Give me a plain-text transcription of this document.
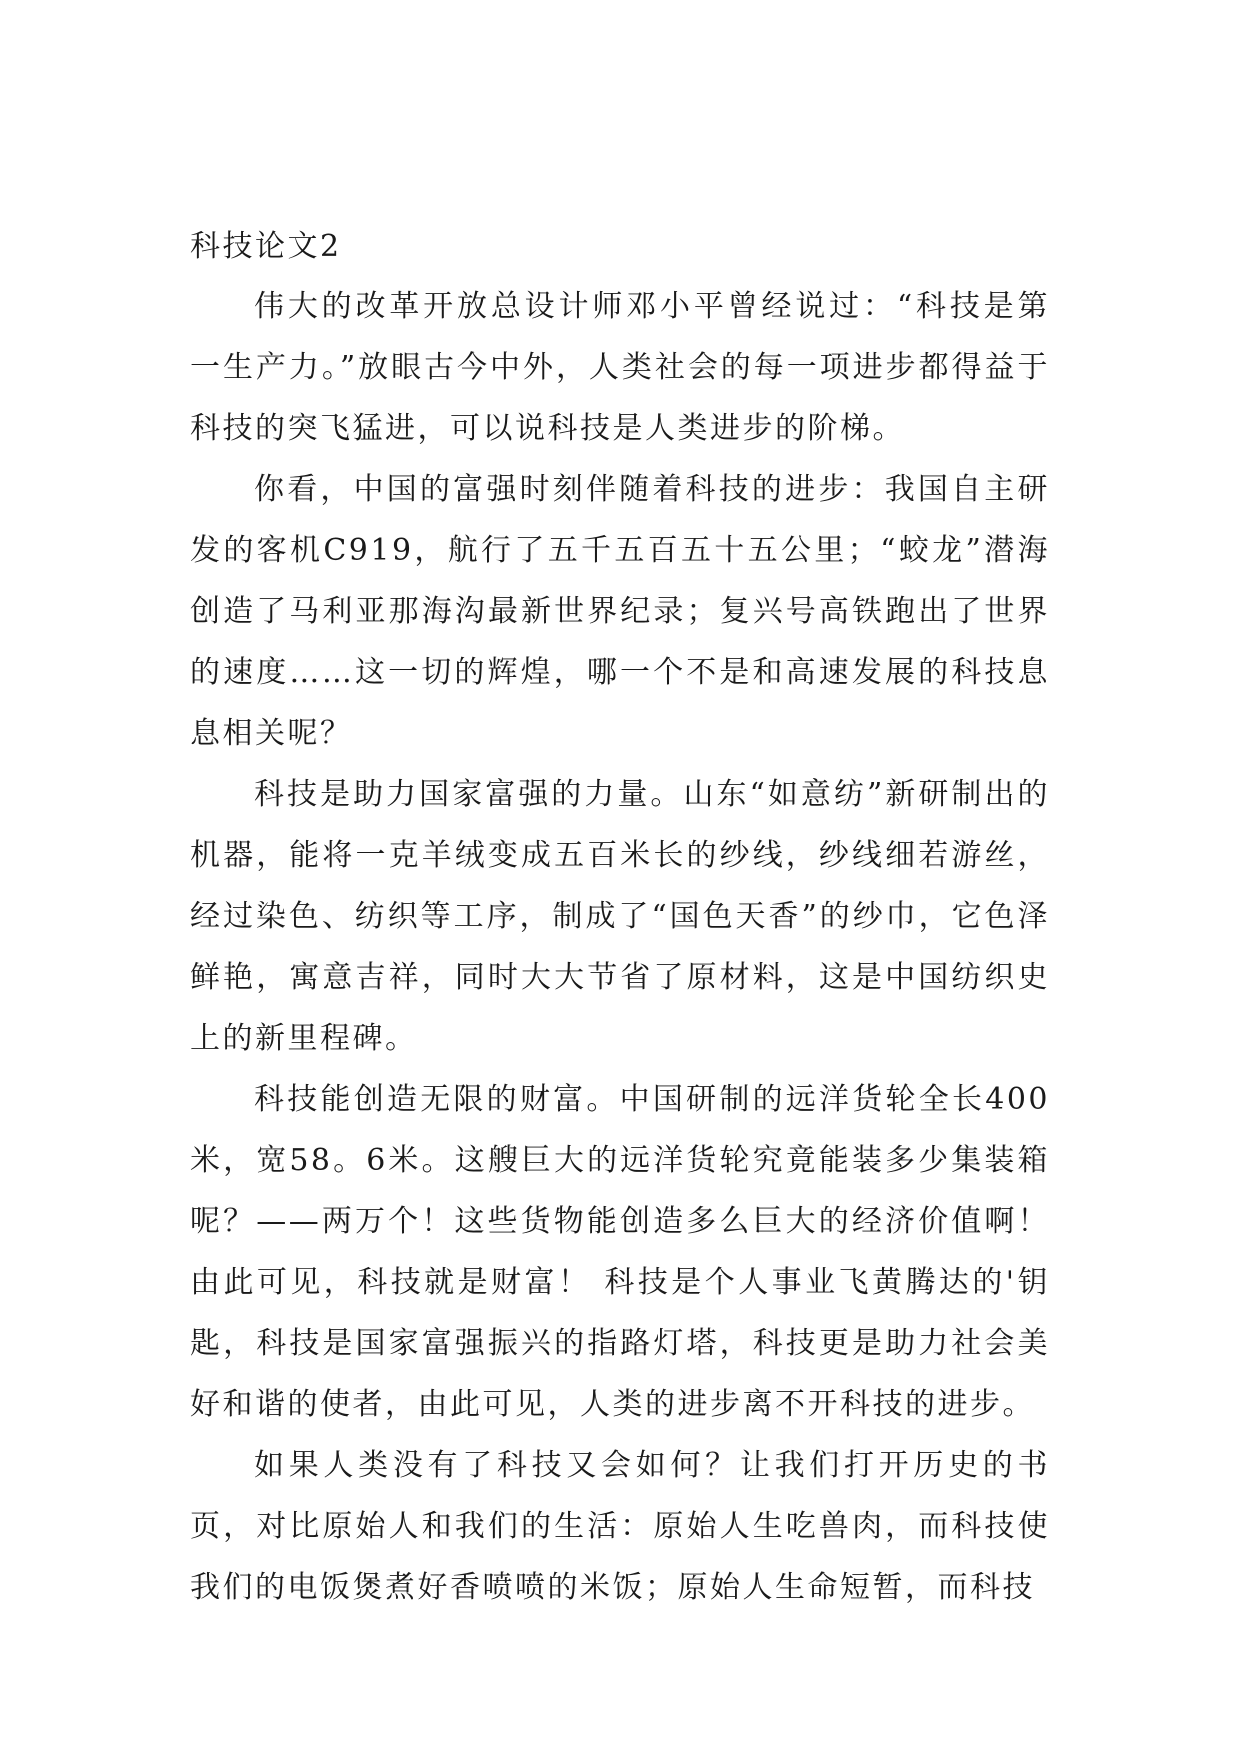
科技论文2

伟大的改革开放总设计师邓小平曾经说过：“科技是第一生产力。”放眼古今中外，人类社会的每一项进步都得益于科技的突飞猛进，可以说科技是人类进步的阶梯。

你看，中国的富强时刻伴随着科技的进步：我国自主研发的客机C919，航行了五千五百五十五公里；“蛟龙”潜海创造了马利亚那海沟最新世界纪录；复兴号高铁跑出了世界的速度……这一切的辉煌，哪一个不是和高速发展的科技息息相关呢？

科技是助力国家富强的力量。山东“如意纺”新研制出的机器，能将一克羊绒变成五百米长的纱线，纱线细若游丝，经过染色、纺织等工序，制成了“国色天香”的纱巾，它色泽鲜艳，寓意吉祥，同时大大节省了原材料，这是中国纺织史上的新里程碑。

科技能创造无限的财富。中国研制的远洋货轮全长400米，宽58。6米。这艘巨大的远洋货轮究竟能装多少集装箱呢？——两万个！这些货物能创造多么巨大的经济价值啊！由此可见，科技就是财富！ 科技是个人事业飞黄腾达的'钥匙，科技是国家富强振兴的指路灯塔，科技更是助力社会美好和谐的使者，由此可见，人类的进步离不开科技的进步。

如果人类没有了科技又会如何？让我们打开历史的书页，对比原始人和我们的生活：原始人生吃兽肉，而科技使我们的电饭煲煮好香喷喷的米饭；原始人生命短暂，而科技
